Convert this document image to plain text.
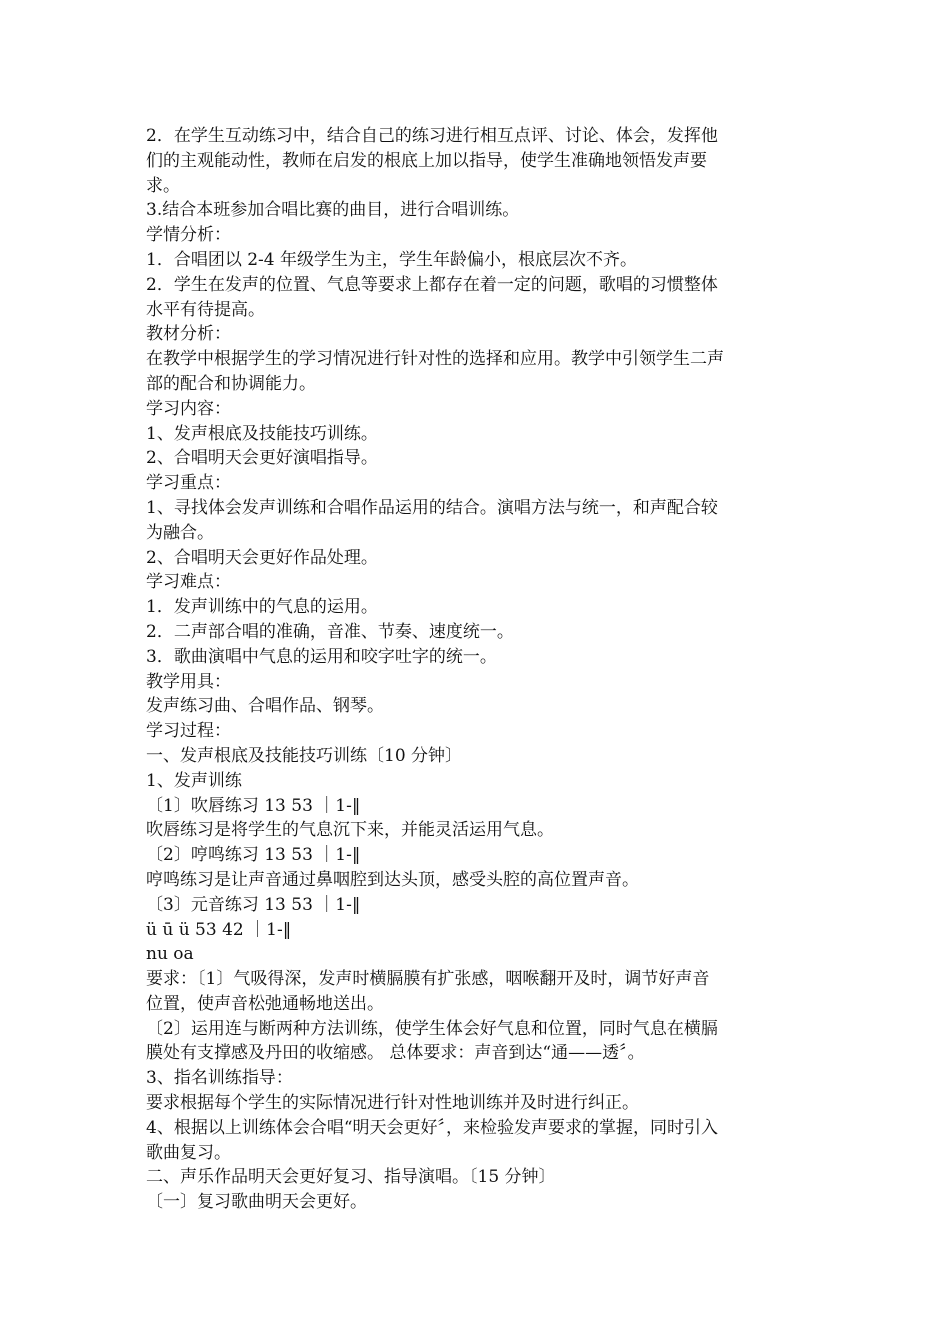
2．在学生互动练习中，结合自己的练习进行相互点评、讨论、体会，发挥他

们的主观能动性，教师在启发的根底上加以指导，使学生准确地领悟发声要

求。

3.结合本班参加合唱比赛的曲目，进行合唱训练。

学情分析：

1．合唱团以 2-4 年级学生为主，学生年龄偏小，根底层次不齐。

2．学生在发声的位置、气息等要求上都存在着一定的问题，歌唱的习惯整体

水平有待提高。

教材分析：

在教学中根据学生的学习情况进行针对性的选择和应用。教学中引领学生二声

部的配合和协调能力。

学习内容：

1、发声根底及技能技巧训练。

2、合唱明天会更好演唱指导。

学习重点：

1、寻找体会发声训练和合唱作品运用的结合。演唱方法与统一，和声配合较

为融合。

2、合唱明天会更好作品处理。

学习难点：

1．发声训练中的气息的运用。

2．二声部合唱的准确，音准、节奏、速度统一。

3．歌曲演唱中气息的运用和咬字吐字的统一。

教学用具：

发声练习曲、合唱作品、钢琴。

学习过程：

一、发声根底及技能技巧训练〔10 分钟〕

1、发声训练

〔1〕吹唇练习 13 53 ｜1-‖

吹唇练习是将学生的气息沉下来，并能灵活运用气息。

〔2〕哼鸣练习 13 53 ｜1-‖

哼鸣练习是让声音通过鼻咽腔到达头顶，感受头腔的高位置声音。

〔3〕元音练习 13 53 ｜1-‖

ü ū ü 53 42 ｜1-‖

nu oa

要求：〔1〕气吸得深，发声时横膈膜有扩张感，咽喉翻开及时，调节好声音

位置，使声音松弛通畅地送出。

〔2〕运用连与断两种方法训练，使学生体会好气息和位置，同时气息在横膈

膜处有支撑感及丹田的收缩感。 总体要求：声音到达“通——透〞。

3、指名训练指导：

要求根据每个学生的实际情况进行针对性地训练并及时进行纠正。

4、根据以上训练体会合唱“明天会更好〞，来检验发声要求的掌握，同时引入

歌曲复习。

二、声乐作品明天会更好复习、指导演唱。〔15 分钟〕

〔一〕复习歌曲明天会更好。
